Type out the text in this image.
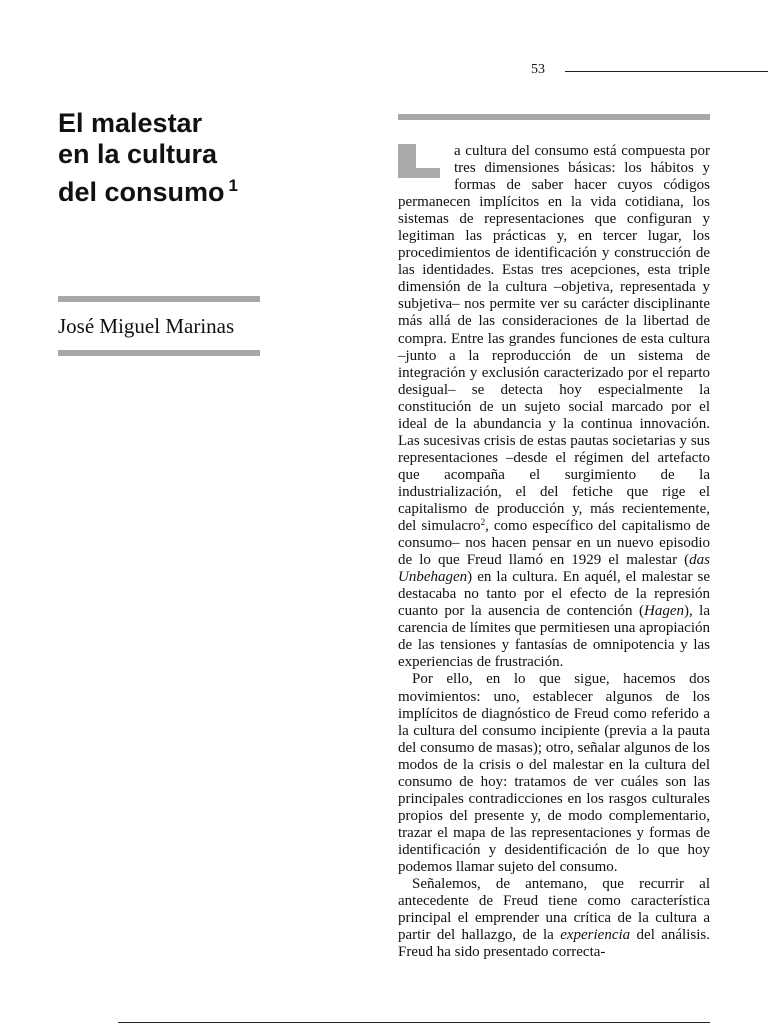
53
El malestar
en la cultura
del consumo $^1$
José Miguel Marinas

a cultura del consumo está compuesta por tres dimensiones básicas: los hábitos y formas de saber hacer cuyos códigos permanecen implícitos en la vida cotidiana, los sistemas de representaciones que configuran y legitiman las prácticas y, en tercer lugar, los procedimientos de identificación y construcción de las identidades. Estas tres acepciones, esta triple dimensión de la cultura –objetiva, representada y subjetiva– nos permite ver su carácter disciplinante más allá de las consideraciones de la libertad de compra. Entre las grandes funciones de esta cultura –junto a la reproducción de un sistema de integración y exclusión caracterizado por el reparto desigual– se detecta hoy especialmente la constitución de un sujeto social marcado por el ideal de la abundancia y la continua innovación. Las sucesivas crisis de estas pautas societarias y sus representaciones –desde el régimen del artefacto que acompaña el surgimiento de la industrialización, el del fetiche que rige el capitalismo de producción y, más recientemente, del simulacro$^2$, como específico del capitalismo de consumo– nos hacen pensar en un nuevo episodio de lo que Freud llamó en 1929 el malestar (das Unbehagen) en la cultura. En aquél, el malestar se destacaba no tanto por el efecto de la represión cuanto por la ausencia de contención (Hagen), la carencia de límites que permitiesen una apropiación de las tensiones y fantasías de omnipotencia y las experiencias de frustración.

Por ello, en lo que sigue, hacemos dos movimientos: uno, establecer algunos de los implícitos de diagnóstico de Freud como referido a la cultura del consumo incipiente (previa a la pauta del consumo de masas); otro, señalar algunos de los modos de la crisis o del malestar en la cultura del consumo de hoy: tratamos de ver cuáles son las principales contradicciones en los rasgos culturales propios del presente y, de modo complementario, trazar el mapa de las representaciones y formas de identificación y desidentificación de lo que hoy podemos llamar sujeto del consumo.

Señalemos, de antemano, que recurrir al antecedente de Freud tiene como característica principal el emprender una crítica de la cultura a partir del hallazgo, de la experiencia del análisis. Freud ha sido presentado correcta-
